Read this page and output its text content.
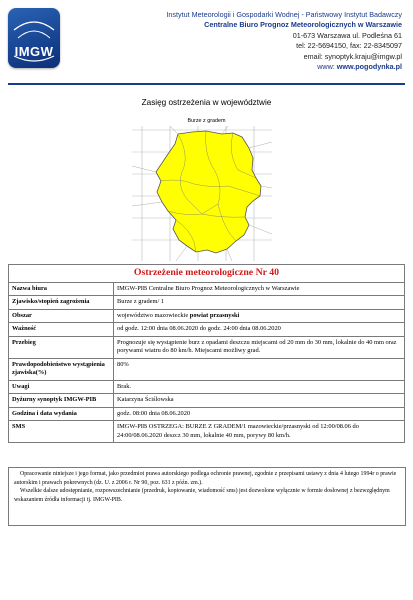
IMGW
Instytut Meteorologii i Gospodarki Wodnej - Państwowy Instytut Badawczy
Centralne Biuro Prognoz Meteorologicznych w Warszawie
01-673 Warszawa ul. Podleśna 61
tel: 22-5694150, fax: 22-8345097
email: synoptyk.kraju@imgw.pl
www: www.pogodynka.pl
Zasięg ostrzeżenia w województwie
Burze z gradem
Ostrzeżenie meteorologiczne Nr 40	
Nazwa biura	IMGW-PIB Centralne Biuro Prognoz Meteorologicznych w Warszawie
Zjawisko/stopień zagrożenia	Burze z gradem/ 1
Obszar	województwo mazowieckie powiat przasnyski
Ważność	od godz. 12:00 dnia 08.06.2020 do godz. 24:00 dnia 08.06.2020
Przebieg	Prognozuje się wystąpienie burz z opadami deszczu miejscami od 20 mm do 30 mm, lokalnie do 40 mm oraz porywami wiatru do 80 km/h. Miejscami możliwy grad.
Prawdopodobieństwo wystąpienia zjawiska(%)	80%
Uwagi	Brak.
Dyżurny synoptyk IMGW-PIB	Katarzyna Ściślowska
Godzina i data wydania	godz. 08:00 dnia 08.06.2020
SMS	IMGW-PIB OSTRZEGA: BURZE Z GRADEM/1 mazowieckie/przasnyski od 12:00/08.06 do 24:00/08.06.2020 deszcz 30 mm, lokalnie 40 mm, porywy 80 km/h.

Opracowanie niniejsze i jego format, jako przedmiot prawa autorskiego podlega ochronie prawnej, zgodnie z przepisami ustawy z dnia 4 lutego 1994r o prawie autorskim i prawach pokrewnych (dz. U. z 2006 r. Nr 90, poz. 631 z późn. zm.).

Wszelkie dalsze udostępnianie, rozpowszechnianie (przedruk, kopiowanie, wiadomość sms) jest dozwolone wyłącznie w formie dosłownej z bezwzględnym wskazaniem źródła informacji tj. IMGW-PIB.
